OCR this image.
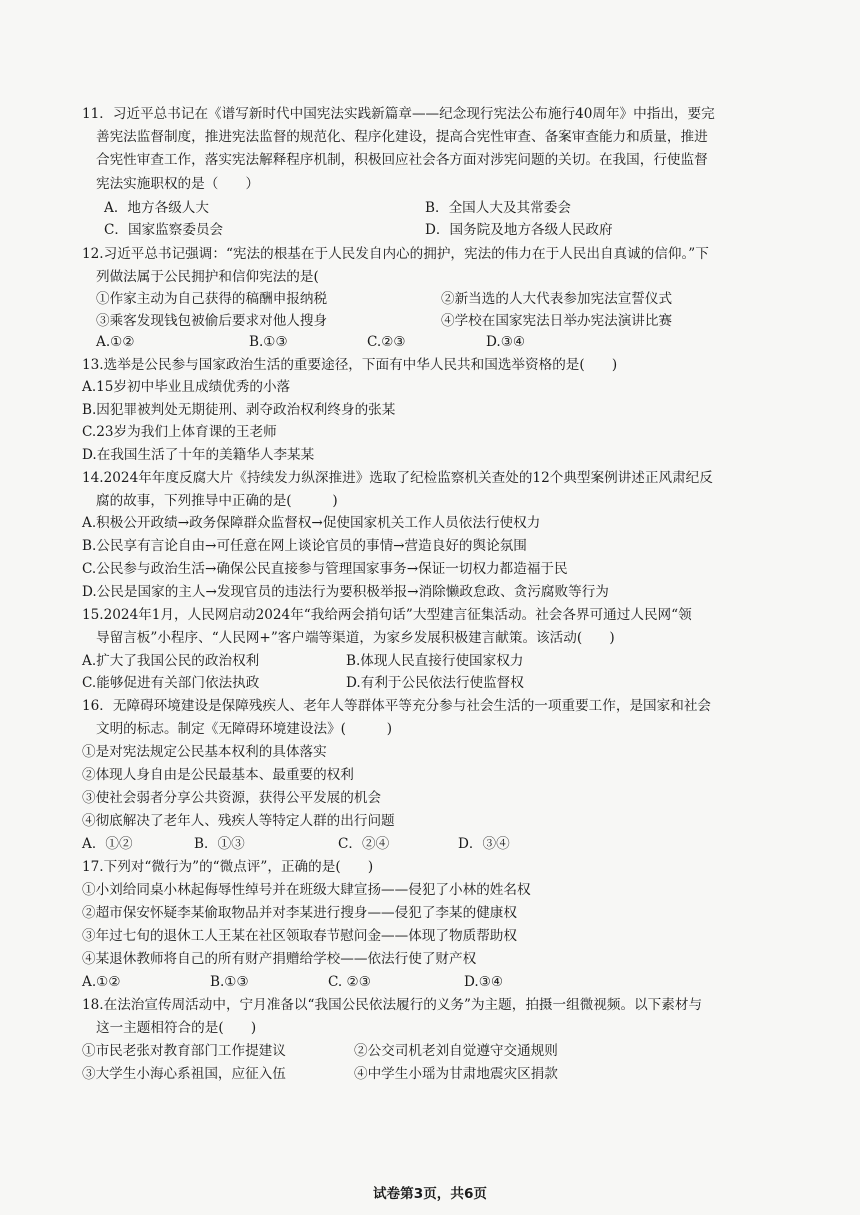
11．习近平总书记在《谱写新时代中国宪法实践新篇章——纪念现行宪法公布施行40周年》中指出，要完
善宪法监督制度，推进宪法监督的规范化、程序化建设，提高合宪性审查、备案审查能力和质量，推进
合宪性审查工作，落实宪法解释程序机制，积极回应社会各方面对涉宪问题的关切。在我国，行使监督
宪法实施职权的是（　　）
A．地方各级人大	B．全国人大及其常委会
C．国家监察委员会	D．国务院及地方各级人民政府
12.习近平总书记强调：“宪法的根基在于人民发自内心的拥护，宪法的伟力在于人民出自真诚的信仰。”下
列做法属于公民拥护和信仰宪法的是(
①作家主动为自己获得的稿酬申报纳税	②新当选的人大代表参加宪法宣誓仪式
③乘客发现钱包被偷后要求对他人搜身	④学校在国家宪法日举办宪法演讲比赛
A.①②	B.①③	C.②③	D.③④
13.选举是公民参与国家政治生活的重要途径，下面有中华人民共和国选举资格的是(　　)
A.15岁初中毕业且成绩优秀的小落
B.因犯罪被判处无期徒刑、剥夺政治权利终身的张某
C.23岁为我们上体育课的王老师
D.在我国生活了十年的美籍华人李某某
14.2024年年度反腐大片《持续发力纵深推进》选取了纪检监察机关查处的12个典型案例讲述正风肃纪反
腐的故事，下列推导中正确的是(　　　)
A.积极公开政绩→政务保障群众监督权→促使国家机关工作人员依法行使权力
B.公民享有言论自由→可任意在网上谈论官员的事情→营造良好的舆论氛围
C.公民参与政治生活→确保公民直接参与管理国家事务→保证一切权力都造福于民
D.公民是国家的主人→发现官员的违法行为要积极举报→消除懒政怠政、贪污腐败等行为
15.2024年1月，人民网启动2024年“我给两会捎句话”大型建言征集活动。社会各界可通过人民网“领
导留言板”小程序、“人民网+”客户端等渠道，为家乡发展积极建言献策。该活动(　　)
A.扩大了我国公民的政治权利	B.体现人民直接行使国家权力
C.能够促进有关部门依法执政	D.有利于公民依法行使监督权
16．无障碍环境建设是保障残疾人、老年人等群体平等充分参与社会生活的一项重要工作，是国家和社会
文明的标志。制定《无障碍环境建设法》(　　　)
①是对宪法规定公民基本权利的具体落实
②体现人身自由是公民最基本、最重要的权利
③使社会弱者分享公共资源，获得公平发展的机会
④彻底解决了老年人、残疾人等特定人群的出行问题
A．①②	B．①③	C．②④	D．③④
17.下列对“微行为”的“微点评”，正确的是(　　)
①小刘给同桌小林起侮辱性绰号并在班级大肆宣扬——侵犯了小林的姓名权
②超市保安怀疑李某偷取物品并对李某进行搜身——侵犯了李某的健康权
③年过七旬的退休工人王某在社区领取春节慰问金——体现了物质帮助权
④某退休教师将自己的所有财产捐赠给学校——依法行使了财产权
A.①②	B.①③	C. ②③	D.③④
18.在法治宣传周活动中，宁月准备以“我国公民依法履行的义务”为主题，拍摄一组微视频。以下素材与
这一主题相符合的是(　　)
①市民老张对教育部门工作提建议	②公交司机老刘自觉遵守交通规则
③大学生小海心系祖国，应征入伍	④中学生小瑶为甘肃地震灾区捐款
试卷第3页，共6页
